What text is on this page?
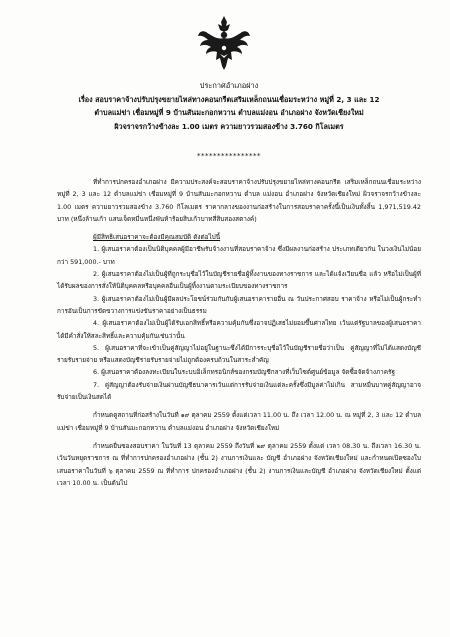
ประกาศอำเภอฝาง
เรื่อง สอบราคาจ้างปรับปรุงขยายไหล่ทางคอนกรีตเสริมเหล็กถนนเชื่อมระหว่าง หมู่ที่ 2, 3 และ 12
ตำบลแม่ข่า เชื่อมหมู่ที่ 9 บ้านสันมะกอกหวาน ตำบลแม่งอน อำเภอฝาง จังหวัดเชียงใหม่
ผิวจราจรกว้างข้างละ 1.00 เมตร ความยาวรวมสองข้าง 3.760 กิโลเมตร
****************

ที่ทำการปกครองอำเภอฝาง มีความประสงค์จะสอบราคาจ้างปรับปรุงขยายไหล่ทางคอนกรีต เสริมเหล็กถนนเชื่อมระหว่าง หมู่ที่ 2, 3 และ 12 ตำบลแม่ข่า เชื่อมหมู่ที่ 9 บ้านสันมะกอกหวาน ตำบล แม่งอน อำเภอฝาง จังหวัดเชียงใหม่ ผิวจราจรกว้างข้างละ 1.00 เมตร ความยาวรวมสองข้าง 3.760 กิโลเมตร ราคากลางของงานก่อสร้างในการสอบราคาครั้งนี้เป็นเงินทั้งสิ้น 1,971,519.42 บาท (หนึ่งล้านเก้า แสนเจ็ดหมื่นหนึ่งพันห้าร้อยสิบเก้าบาทสี่สิบสองสตางค์)

ผู้มีสิทธิเสนอราคาจะต้องมีคุณสมบัติ ดังต่อไปนี้

1. ผู้เสนอราคาต้องเป็นนิติบุคคลผู้มีอาชีพรับจ้างงานที่สอบราคาจ้าง ซึ่งมีผลงานก่อสร้าง ประเภทเดียวกัน ในวงเงินไม่น้อยกว่า 591,000.- บาท

2. ผู้เสนอราคาต้องไม่เป็นผู้ที่ถูกระบุชื่อไว้ในบัญชีรายชื่อผู้ทิ้งงานของทางราชการ และได้แจ้งเวียนชื่อ แล้ว หรือไม่เป็นผู้ที่ได้รับผลของการสั่งให้นิติบุคคลหรือบุคคลอื่นเป็นผู้ทิ้งงานตามระเบียบของทางราชการ

3. ผู้เสนอราคาต้องไม่เป็นผู้มีผลประโยชน์ร่วมกันกับผู้เสนอราคารายอื่น ณ วันประกาศสอบ ราคาจ้าง หรือไม่เป็นผู้กระทำการอันเป็นการขัดขวางการแข่งขันราคาอย่างเป็นธรรม

4. ผู้เสนอราคาต้องไม่เป็นผู้ได้รับเอกสิทธิ์หรือความคุ้มกันซึ่งอาจปฏิเสธไม่ยอมขึ้นศาลไทย เว้นแต่รัฐบาลของผู้เสนอราคาได้มีคำสั่งให้สละสิทธิ์และความคุ้มกันเช่นว่านั้น

5. ผู้เสนอราคาที่จะเข้าเป็นคู่สัญญาไม่อยู่ในฐานะซึ่งได้มีการระบุชื่อไว้ในบัญชีรายชื่อว่าเป็น คู่สัญญาที่ไม่ได้แสดงบัญชีรายรับรายจ่าย หรือแสดงบัญชีรายรับรายจ่ายไม่ถูกต้องครบถ้วนในสาระสำคัญ

6. ผู้เสนอราคาต้องลงทะเบียนในระบบอิเล็กทรอนิกส์ของกรมบัญชีกลางที่เว็บไซต์ศูนย์ข้อมูล จัดซื้อจัดจ้างภาครัฐ

7. คู่สัญญาต้องรับจ่ายเงินผ่านบัญชีธนาคารเว้นแต่การรับจ่ายเงินแต่ละครั้งซึ่งมีมูลค่าไม่เกิน สามหมื่นบาทคู่สัญญาอาจรับจ่ายเป็นเงินสดได้

กำหนดดูสถานที่ก่อสร้างในวันที่ ๑๙ ตุลาคม 2559 ตั้งแต่เวลา 11.00 น. ถึง เวลา 12.00 น. ณ หมู่ที่ 2, 3 และ 12 ตำบลแม่ข่า เชื่อมหมู่ที่ 9 บ้านสันมะกอกหวาน ตำบลแม่งอน อำเภอฝาง จังหวัดเชียงใหม่

กำหนดยื่นซองสอบราคา ในวันที่ 13 ตุลาคม 2559 ถึงวันที่ ๒๙ ตุลาคม 2559 ตั้งแต่ เวลา 08.30 น. ถึงเวลา 16.30 น. เว้นวันหยุดราชการ ณ ที่ทำการปกครองอำเภอฝาง (ชั้น 2) งานการเงินและ บัญชี อำเภอฝาง จังหวัดเชียงใหม่ และกำหนดเปิดซองใบเสนอราคาในวันที่ ๖ ตุลาคม 2559 ณ ที่ทำการ ปกครองอำเภอฝาง (ชั้น 2) งานการเงินและบัญชี อำเภอฝาง จังหวัดเชียงใหม่ ตั้งแต่เวลา 10.00 น. เป็นต้นไป
